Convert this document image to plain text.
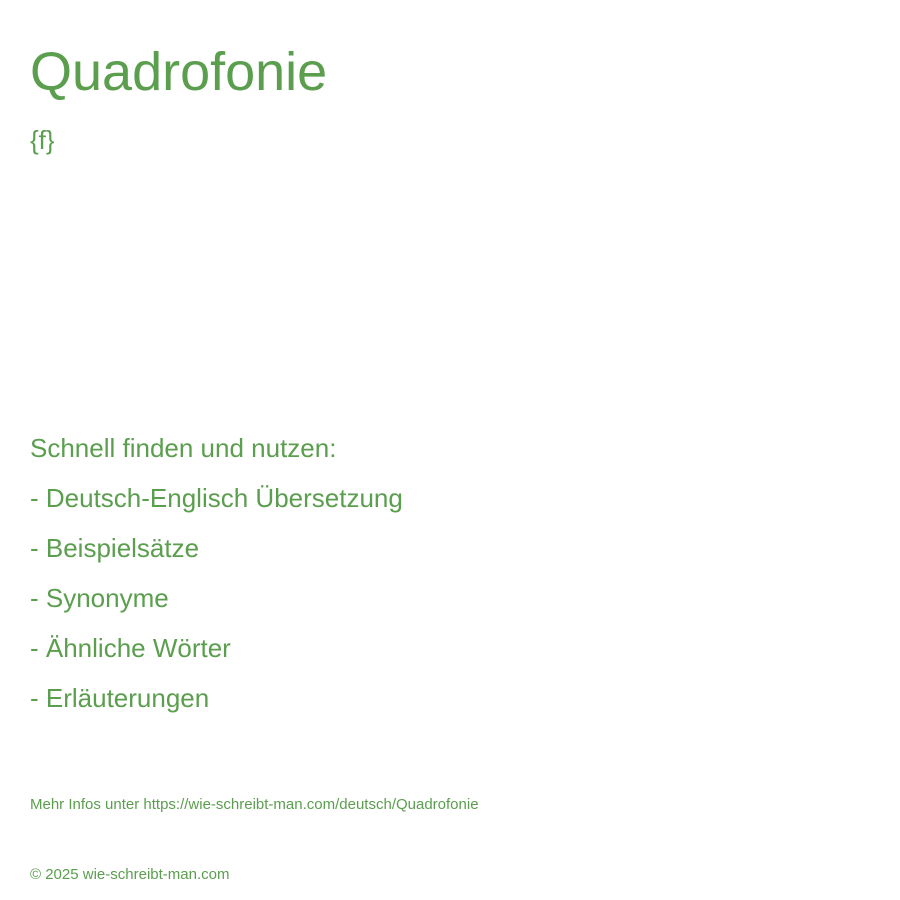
Quadrofonie
{f}
Schnell finden und nutzen:
- Deutsch-Englisch Übersetzung
- Beispielsätze
- Synonyme
- Ähnliche Wörter
- Erläuterungen
Mehr Infos unter https://wie-schreibt-man.com/deutsch/Quadrofonie
© 2025 wie-schreibt-man.com
